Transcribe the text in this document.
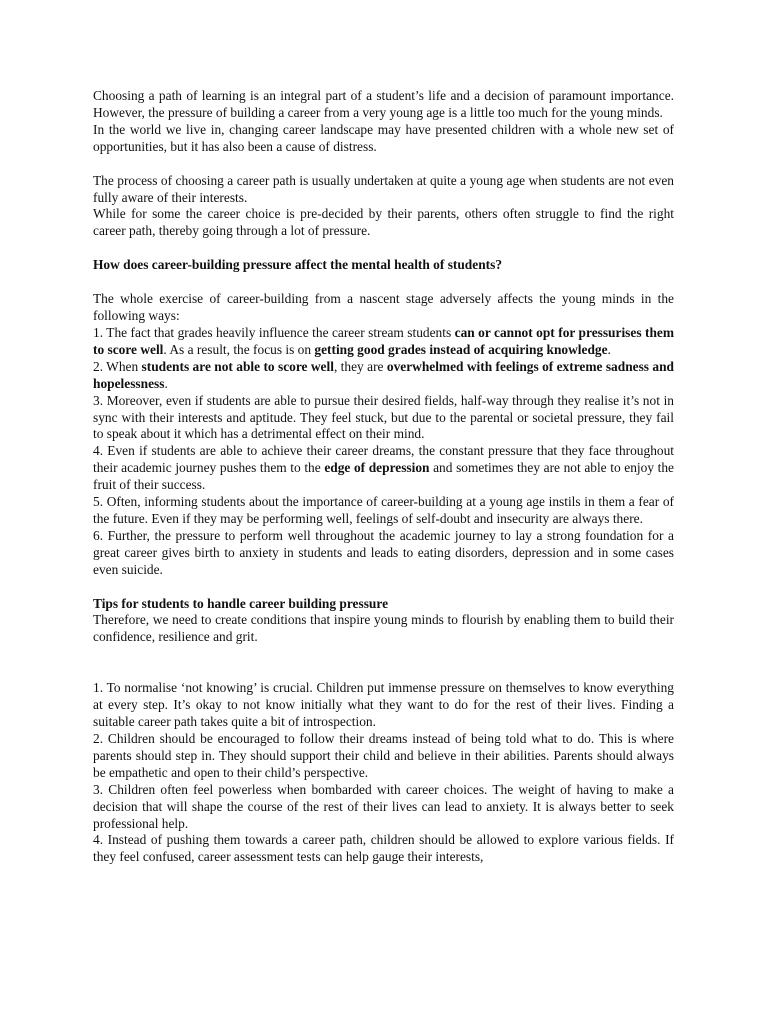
Choosing a path of learning is an integral part of a student’s life and a decision of paramount importance. However, the pressure of building a career from a very young age is a little too much for the young minds.

In the world we live in, changing career landscape may have presented children with a whole new set of opportunities, but it has also been a cause of distress.

The process of choosing a career path is usually undertaken at quite a young age when students are not even fully aware of their interests.

While for some the career choice is pre-decided by their parents, others often struggle to find the right career path, thereby going through a lot of pressure.

How does career-building pressure affect the mental health of students?

The whole exercise of career-building from a nascent stage adversely affects the young minds in the following ways:

1. The fact that grades heavily influence the career stream students can or cannot opt for pressurises them to score well. As a result, the focus is on getting good grades instead of acquiring knowledge.

2. When students are not able to score well, they are overwhelmed with feelings of extreme sadness and hopelessness.

3. Moreover, even if students are able to pursue their desired fields, half-way through they realise it’s not in sync with their interests and aptitude. They feel stuck, but due to the parental or societal pressure, they fail to speak about it which has a detrimental effect on their mind.

4. Even if students are able to achieve their career dreams, the constant pressure that they face throughout their academic journey pushes them to the edge of depression and sometimes they are not able to enjoy the fruit of their success.

5. Often, informing students about the importance of career-building at a young age instils in them a fear of the future. Even if they may be performing well, feelings of self-doubt and insecurity are always there.

6. Further, the pressure to perform well throughout the academic journey to lay a strong foundation for a great career gives birth to anxiety in students and leads to eating disorders, depression and in some cases even suicide.

Tips for students to handle career building pressure

Therefore, we need to create conditions that inspire young minds to flourish by enabling them to build their confidence, resilience and grit.

1. To normalise ‘not knowing’ is crucial. Children put immense pressure on themselves to know everything at every step. It’s okay to not know initially what they want to do for the rest of their lives. Finding a suitable career path takes quite a bit of introspection.

2. Children should be encouraged to follow their dreams instead of being told what to do. This is where parents should step in. They should support their child and believe in their abilities. Parents should always be empathetic and open to their child’s perspective.

3. Children often feel powerless when bombarded with career choices. The weight of having to make a decision that will shape the course of the rest of their lives can lead to anxiety. It is always better to seek professional help.

4. Instead of pushing them towards a career path, children should be allowed to explore various fields. If they feel confused, career assessment tests can help gauge their interests,
